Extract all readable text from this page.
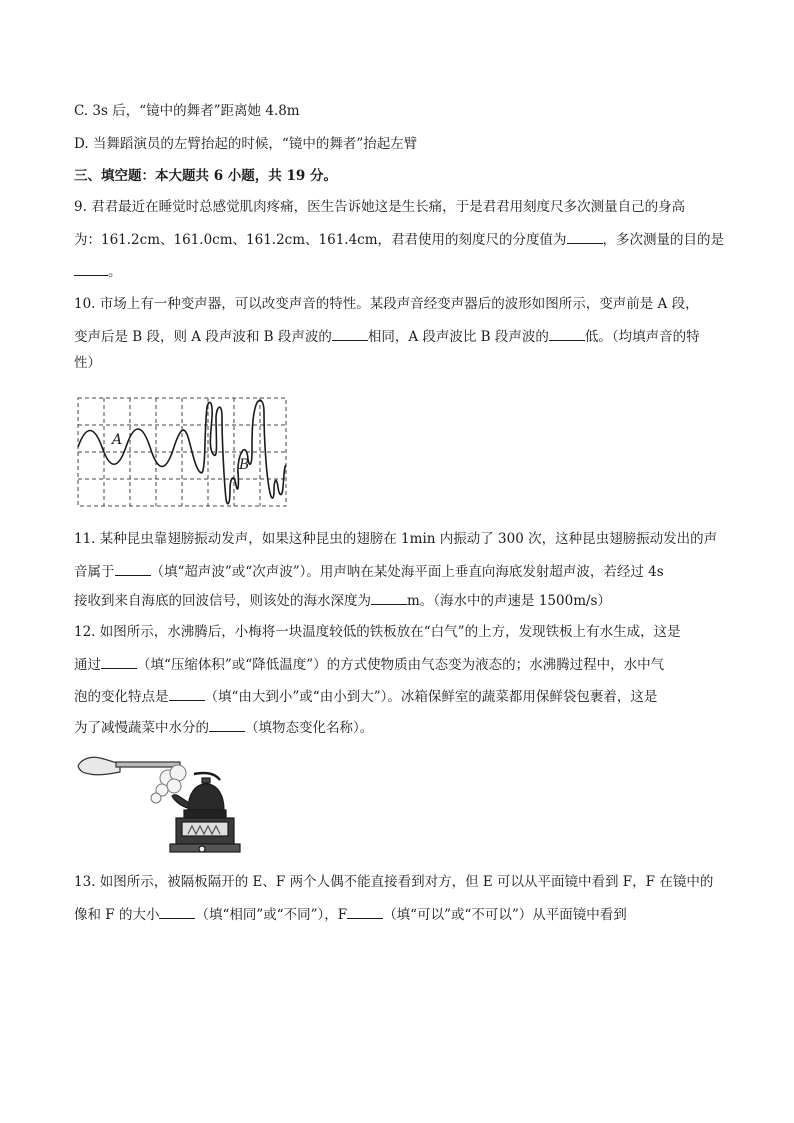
C. 3s 后，“镜中的舞者”距离她 4.8m
D. 当舞蹈演员的左臂抬起的时候，“镜中的舞者”抬起左臂
三、填空题：本大题共 6 小题，共 19 分。
9. 君君最近在睡觉时总感觉肌肉疼痛，医生告诉她这是生长痛，于是君君用刻度尺多次测量自己的身高
为：161.2cm、161.0cm、161.2cm、161.4cm，君君使用的刻度尺的分度值为	，多次测量的目的是
。
10. 市场上有一种变声器，可以改变声音的特性。某段声音经变声器后的波形如图所示，变声前是 A 段，
变声后是 B 段，则 A 段声波和 B 段声波的	相同，A 段声波比 B 段声波的	低。（均填声音的特
性）
A
B
11. 某种昆虫靠翅膀振动发声，如果这种昆虫的翅膀在 1min 内振动了 300 次，这种昆虫翅膀振动发出的声
音属于	（填“超声波”或“次声波”）。用声呐在某处海平面上垂直向海底发射超声波，若经过 4s
接收到来自海底的回波信号，则该处的海水深度为	m。（海水中的声速是 1500m/s）
12. 如图所示，水沸腾后，小梅将一块温度较低的铁板放在“白气”的上方，发现铁板上有水生成，这是
通过	（填“压缩体积”或“降低温度”）的方式使物质由气态变为液态的；水沸腾过程中，水中气
泡的变化特点是	（填“由大到小”或“由小到大”）。冰箱保鲜室的蔬菜都用保鲜袋包裹着，这是
为了减慢蔬菜中水分的	（填物态变化名称）。
13. 如图所示，被隔板隔开的 E、F 两个人偶不能直接看到对方，但 E 可以从平面镜中看到 F，F 在镜中的
像和 F 的大小	（填“相同”或“不同”），F	（填“可以”或“不可以”）从平面镜中看到
